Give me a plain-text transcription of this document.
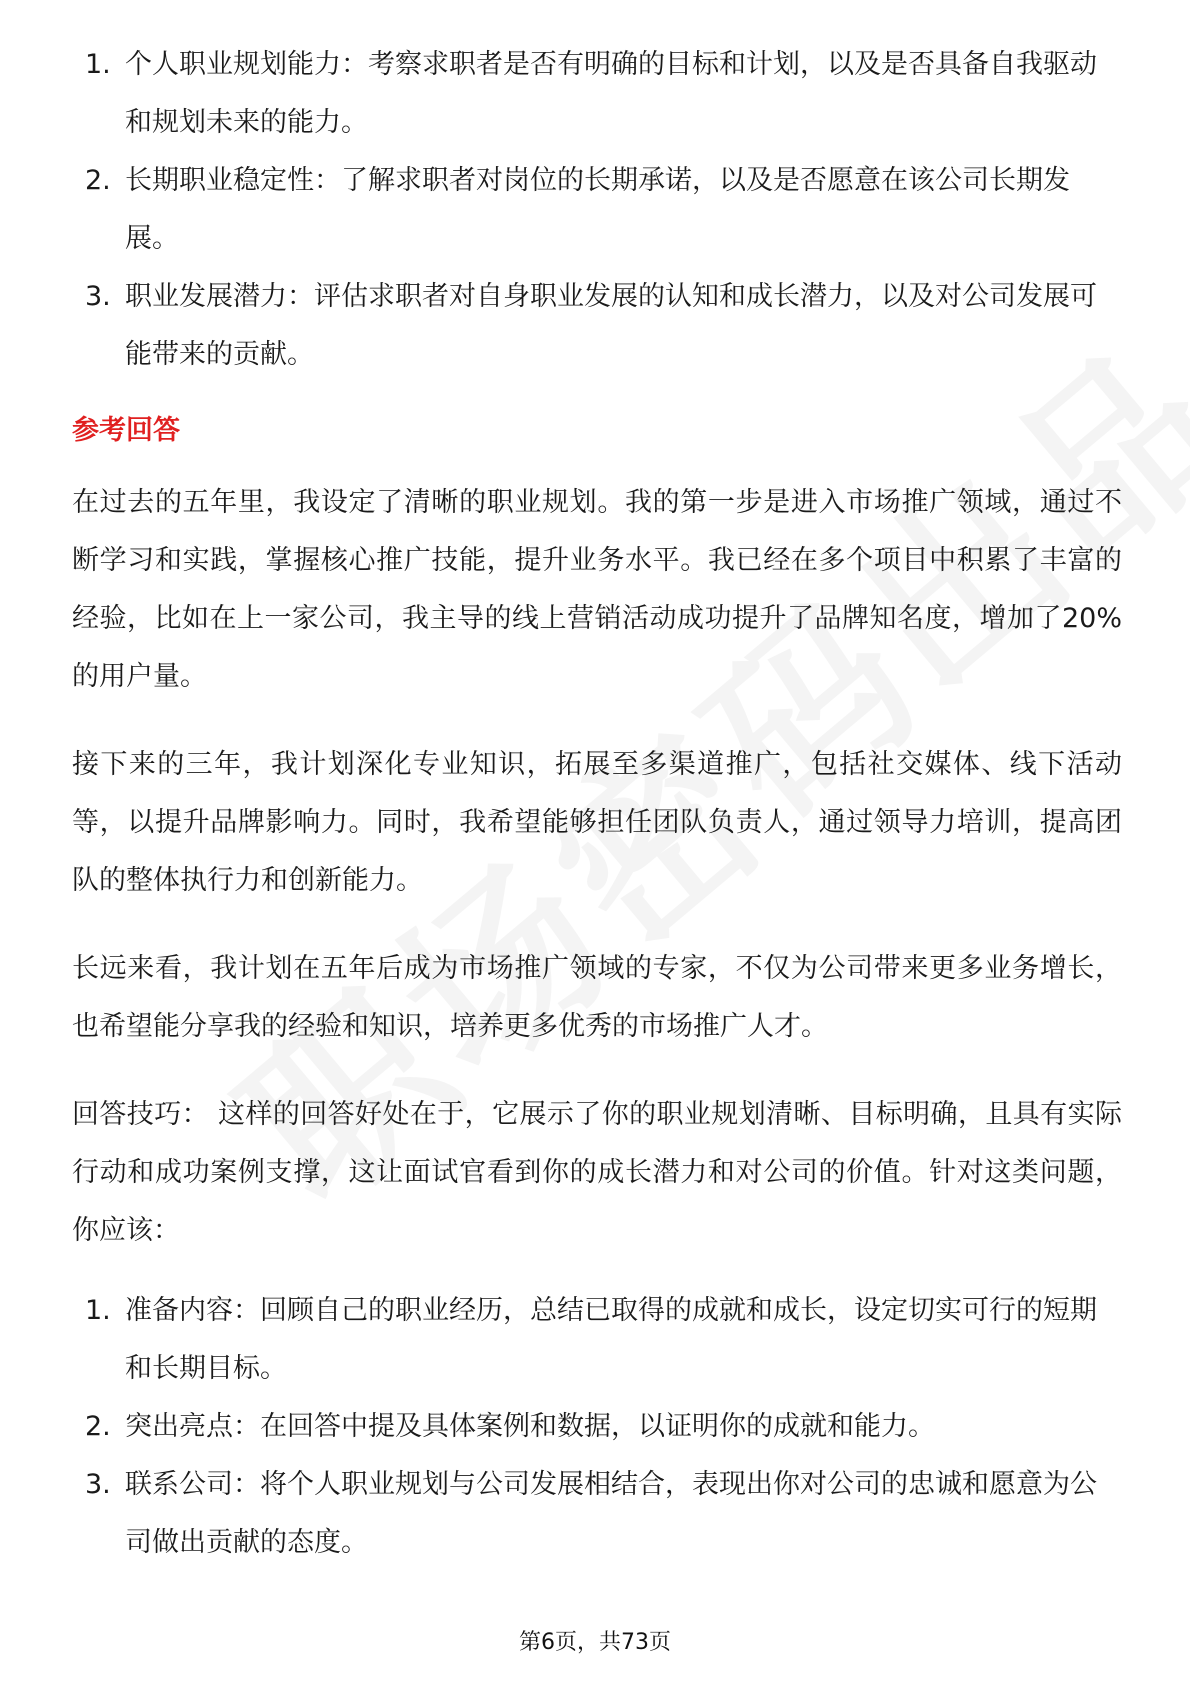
1. 个人职业规划能力：考察求职者是否有明确的目标和计划，以及是否具备自我驱动和规划未来的能力。
2. 长期职业稳定性：了解求职者对岗位的长期承诺，以及是否愿意在该公司长期发展。
3. 职业发展潜力：评估求职者对自身职业发展的认知和成长潜力，以及对公司发展可能带来的贡献。
参考回答

在过去的五年里，我设定了清晰的职业规划。我的第一步是进入市场推广领域，通过不断学习和实践，掌握核心推广技能，提升业务水平。我已经在多个项目中积累了丰富的经验，比如在上一家公司，我主导的线上营销活动成功提升了品牌知名度，增加了20%的用户量。

接下来的三年，我计划深化专业知识，拓展至多渠道推广，包括社交媒体、线下活动等，以提升品牌影响力。同时，我希望能够担任团队负责人，通过领导力培训，提高团队的整体执行力和创新能力。

长远来看，我计划在五年后成为市场推广领域的专家，不仅为公司带来更多业务增长，也希望能分享我的经验和知识，培养更多优秀的市场推广人才。

回答技巧： 这样的回答好处在于，它展示了你的职业规划清晰、目标明确，且具有实际行动和成功案例支撑，这让面试官看到你的成长潜力和对公司的价值。针对这类问题，你应该：

1. 准备内容：回顾自己的职业经历，总结已取得的成就和成长，设定切实可行的短期和长期目标。
2. 突出亮点：在回答中提及具体案例和数据，以证明你的成就和能力。
3. 联系公司：将个人职业规划与公司发展相结合，表现出你对公司的忠诚和愿意为公司做出贡献的态度。
第6页，共73页
